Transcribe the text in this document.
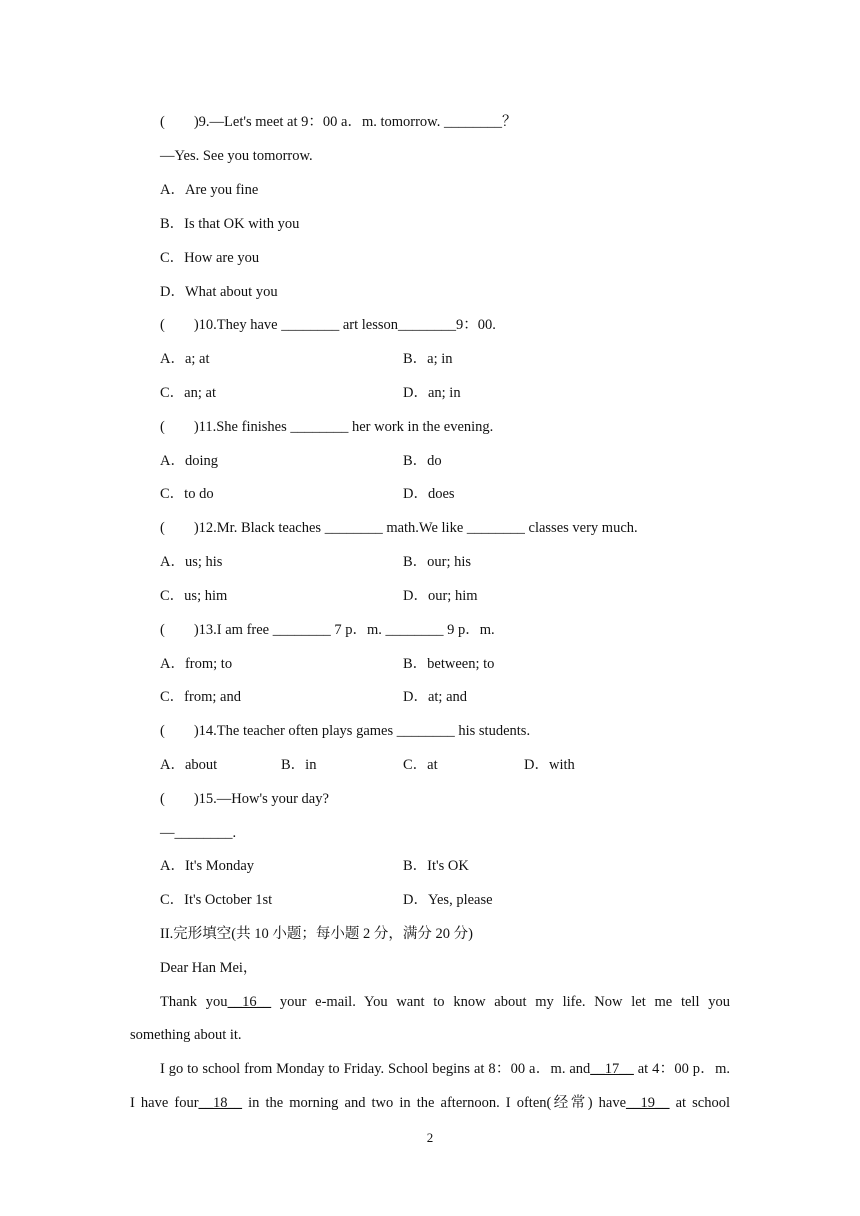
(　　)9.—Let's meet at 9：00 a．m. tomorrow. ________？
—Yes. See you tomorrow.
A．Are you fine
B．Is that OK with you
C．How are you
D．What about you
(　　)10.They have ________ art lesson________9：00.
A．a; at	B．a; in
C．an; at	D．an; in
(　　)11.She finishes ________ her work in the evening.
A．doing	B．do
C．to do	D．does
(　　)12.Mr. Black teaches ________ math.We like ________ classes very much.
A．us; his	B．our; his
C．us; him	D．our; him
(　　)13.I am free ________ 7 p．m. ________ 9 p．m.
A．from; to	B．between; to
C．from; and	D．at; and
(　　)14.The teacher often plays games ________ his students.
A．about	B．in	C．at	D．with
(　　)15.—How's your day?
—________.
A．It's Monday	B．It's OK
C．It's October 1st	D．Yes, please
II.完形填空(共 10 小题；每小题 2 分，满分 20 分)
Dear Han Mei，
Thank you__16__ your e-mail. You want to know about my life. Now let me tell you
something about it.
I go to school from Monday to Friday. School begins at 8：00 a．m. and__17__ at 4：00 p．m.
I have four__18__ in the morning and two in the afternoon. I often(经常) have__19__ at school
2
